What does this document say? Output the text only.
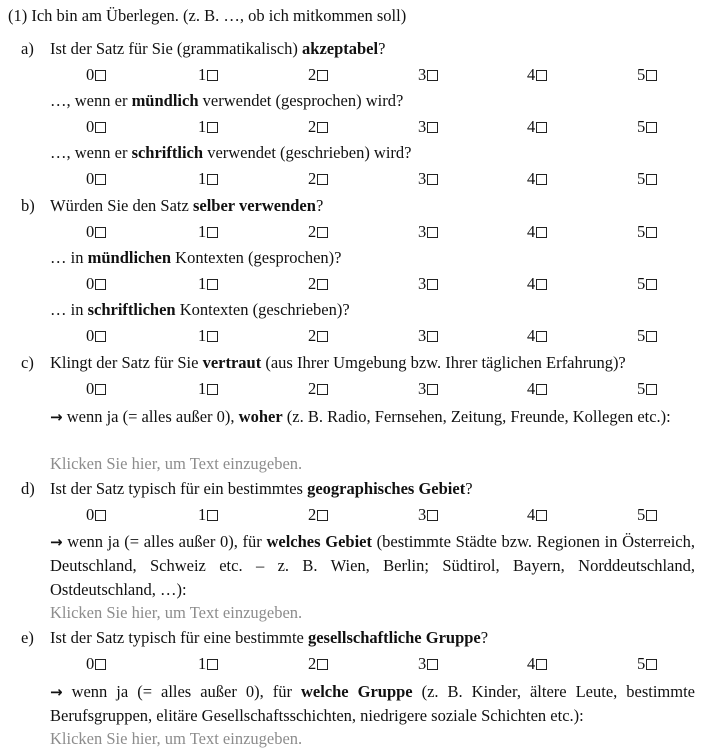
(1) Ich bin am Überlegen. (z. B. …, ob ich mitkommen soll)
a) Ist der Satz für Sie (grammatikalisch) akzeptabel?
0	1	2	3	4	5
…, wenn er mündlich verwendet (gesprochen) wird?
0	1	2	3	4	5
…, wenn er schriftlich verwendet (geschrieben) wird?
0	1	2	3	4	5
b) Würden Sie den Satz selber verwenden?
0	1	2	3	4	5
… in mündlichen Kontexten (gesprochen)?
0	1	2	3	4	5
… in schriftlichen Kontexten (geschrieben)?
0	1	2	3	4	5
c) Klingt der Satz für Sie vertraut (aus Ihrer Umgebung bzw. Ihrer täglichen Erfahrung)?
0	1	2	3	4	5
→ wenn ja (= alles außer 0), woher (z. B. Radio, Fernsehen, Zeitung, Freunde, Kollegen etc.):
Klicken Sie hier, um Text einzugeben.
d) Ist der Satz typisch für ein bestimmtes geographisches Gebiet?
0	1	2	3	4	5
→ wenn ja (= alles außer 0), für welches Gebiet (bestimmte Städte bzw. Regionen in Österreich, Deutschland, Schweiz etc. – z. B. Wien, Berlin; Südtirol, Bayern, Norddeutschland, Ostdeutschland, …):
Klicken Sie hier, um Text einzugeben.
e) Ist der Satz typisch für eine bestimmte gesellschaftliche Gruppe?
0	1	2	3	4	5
→ wenn ja (= alles außer 0), für welche Gruppe (z. B. Kinder, ältere Leute, bestimmte Berufsgruppen, elitäre Gesellschaftsschichten, niedrigere soziale Schichten etc.):
Klicken Sie hier, um Text einzugeben.
